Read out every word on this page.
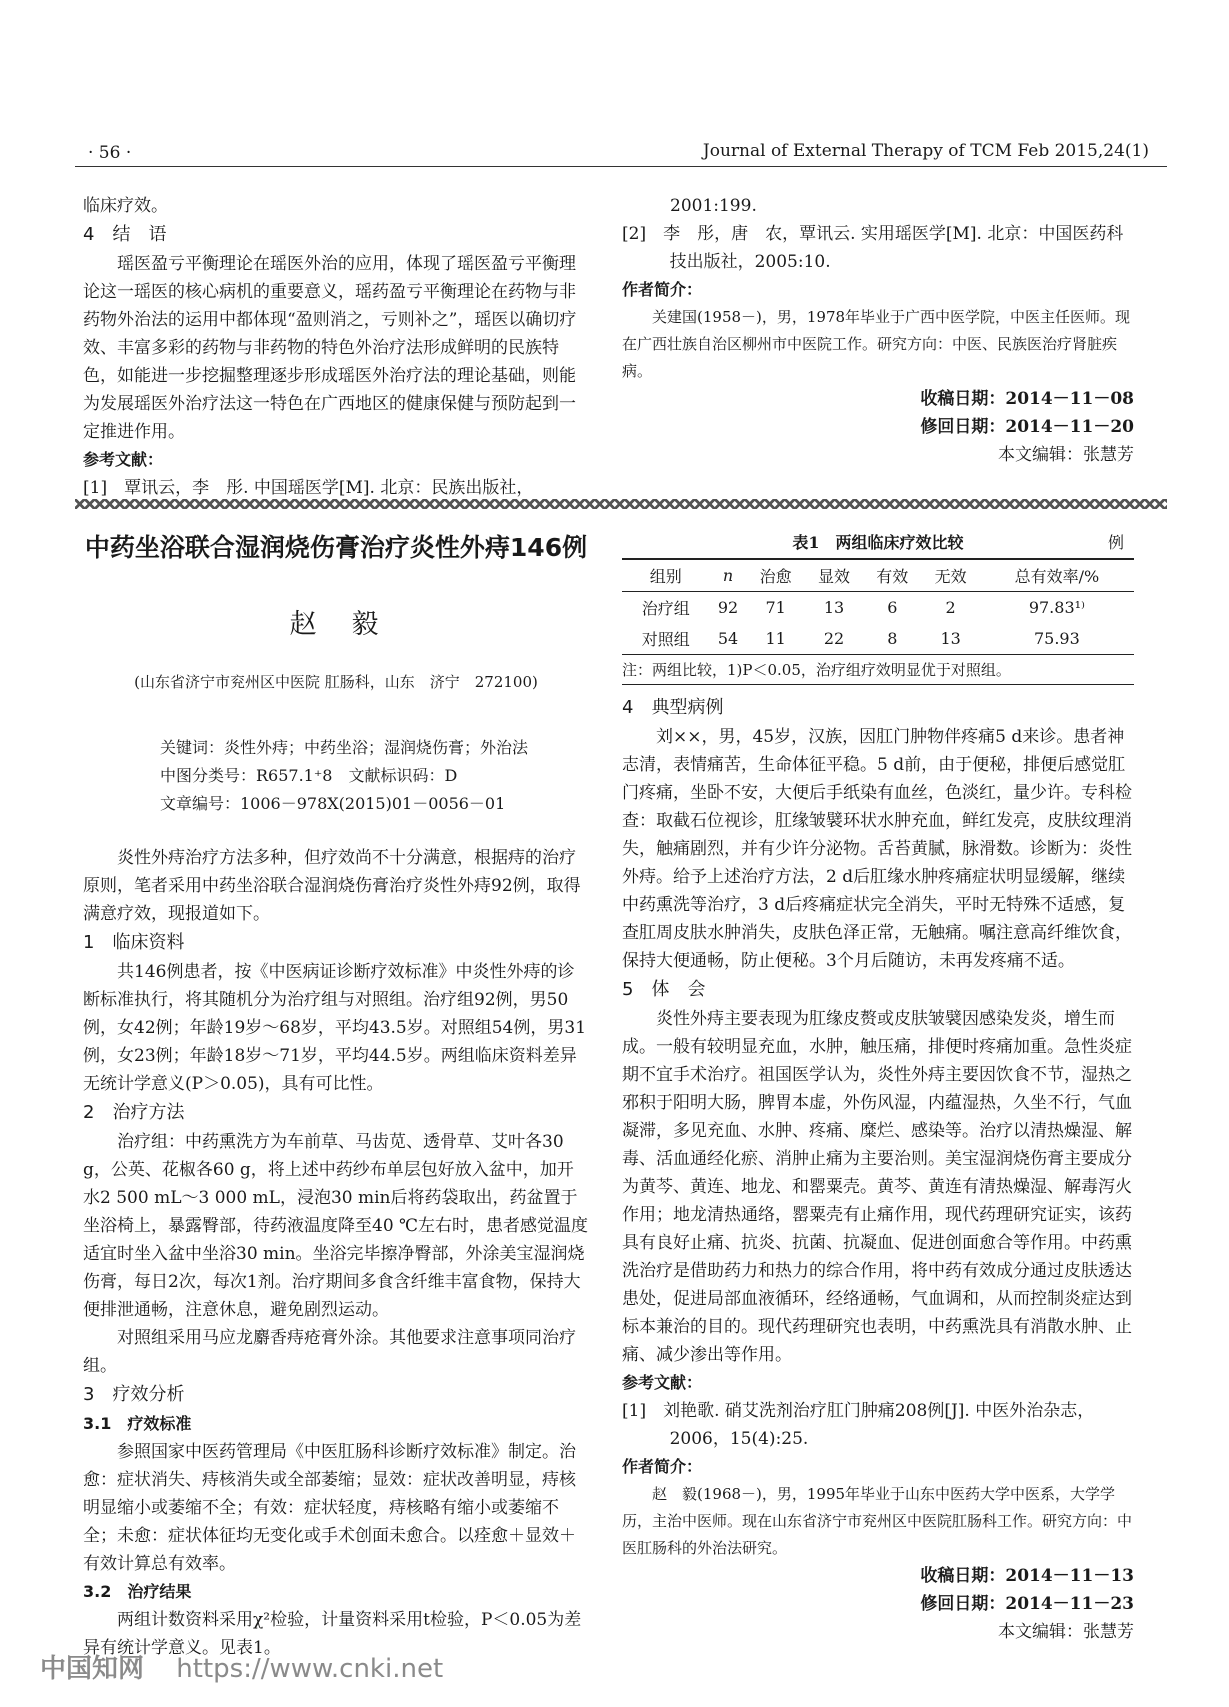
· 56 ·	Journal of External Therapy of TCM Feb 2015,24(1)
临床疗效。
4　结　语

瑶医盈亏平衡理论在瑶医外治的应用，体现了瑶医盈亏平衡理论这一瑶医的核心病机的重要意义，瑶药盈亏平衡理论在药物与非药物外治法的运用中都体现“盈则消之，亏则补之”，瑶医以确切疗效、丰富多彩的药物与非药物的特色外治疗法形成鲜明的民族特色，如能进一步挖掘整理逐步形成瑶医外治疗法的理论基础，则能为发展瑶医外治疗法这一特色在广西地区的健康保健与预防起到一定推进作用。

参考文献：

[1]　覃讯云，李　彤. 中国瑶医学[M]. 北京：民族出版社，

2001:199.

[2]　李　彤，唐　农，覃讯云. 实用瑶医学[M]. 北京：中国医药科技出版社，2005:10.

作者简介：

关建国(1958－)，男，1978年毕业于广西中医学院，中医主任医师。现在广西壮族自治区柳州市中医院工作。研究方向：中医、民族医治疗肾脏疾病。

收稿日期：2014－11－08
修回日期：2014－11－20
本文编辑：张慧芳
中药坐浴联合湿润烧伤膏治疗炎性外痔146例
赵　毅
(山东省济宁市兖州区中医院 肛肠科，山东　济宁　272100)
关键词：炎性外痔；中药坐浴；湿润烧伤膏；外治法
中图分类号：R657.1⁺8　文献标识码：D
文章编号：1006－978X(2015)01－0056－01

炎性外痔治疗方法多种，但疗效尚不十分满意，根据痔的治疗原则，笔者采用中药坐浴联合湿润烧伤膏治疗炎性外痔92例，取得满意疗效，现报道如下。

1　临床资料

共146例患者，按《中医病证诊断疗效标准》中炎性外痔的诊断标准执行，将其随机分为治疗组与对照组。治疗组92例，男50例，女42例；年龄19岁～68岁，平均43.5岁。对照组54例，男31例，女23例；年龄18岁～71岁，平均44.5岁。两组临床资料差异无统计学意义(P＞0.05)，具有可比性。

2　治疗方法

治疗组：中药熏洗方为车前草、马齿苋、透骨草、艾叶各30 g，公英、花椒各60 g，将上述中药纱布单层包好放入盆中，加开水2 500 mL～3 000 mL，浸泡30 min后将药袋取出，药盆置于坐浴椅上，暴露臀部，待药液温度降至40 ℃左右时，患者感觉温度适宜时坐入盆中坐浴30 min。坐浴完毕擦净臀部，外涂美宝湿润烧伤膏，每日2次，每次1剂。治疗期间多食含纤维丰富食物，保持大便排泄通畅，注意休息，避免剧烈运动。

对照组采用马应龙麝香痔疮膏外涂。其他要求注意事项同治疗组。

3　疗效分析
3.1　疗效标准

参照国家中医药管理局《中医肛肠科诊断疗效标准》制定。治愈：症状消失、痔核消失或全部萎缩；显效：症状改善明显，痔核明显缩小或萎缩不全；有效：症状轻度，痔核略有缩小或萎缩不全；未愈：症状体征均无变化或手术创面未愈合。以痊愈＋显效＋有效计算总有效率。

3.2　治疗结果

两组计数资料采用χ²检验，计量资料采用t检验，P＜0.05为差异有统计学意义。见表1。

表1　两组临床疗效比较	例
组别	n	治愈	显效	有效	无效	总有效率/%
治疗组	92	71	13	6	2	97.83¹⁾
对照组	54	11	22	8	13	75.93
注：两组比较，1)P＜0.05，治疗组疗效明显优于对照组。						
4　典型病例

刘××，男，45岁，汉族，因肛门肿物伴疼痛5 d来诊。患者神志清，表情痛苦，生命体征平稳。5 d前，由于便秘，排便后感觉肛门疼痛，坐卧不安，大便后手纸染有血丝，色淡红，量少许。专科检查：取截石位视诊，肛缘皱襞环状水肿充血，鲜红发亮，皮肤纹理消失，触痛剧烈，并有少许分泌物。舌苔黄腻，脉滑数。诊断为：炎性外痔。给予上述治疗方法，2 d后肛缘水肿疼痛症状明显缓解，继续中药熏洗等治疗，3 d后疼痛症状完全消失，平时无特殊不适感，复查肛周皮肤水肿消失，皮肤色泽正常，无触痛。嘱注意高纤维饮食，保持大便通畅，防止便秘。3个月后随访，未再发疼痛不适。

5　体　会

炎性外痔主要表现为肛缘皮赘或皮肤皱襞因感染发炎，增生而成。一般有较明显充血，水肿，触压痛，排便时疼痛加重。急性炎症期不宜手术治疗。祖国医学认为，炎性外痔主要因饮食不节，湿热之邪积于阳明大肠，脾胃本虚，外伤风湿，内蕴湿热，久坐不行，气血凝滞，多见充血、水肿、疼痛、糜烂、感染等。治疗以清热燥湿、解毒、活血通经化瘀、消肿止痛为主要治则。美宝湿润烧伤膏主要成分为黄芩、黄连、地龙、和罂粟壳。黄芩、黄连有清热燥湿、解毒泻火作用；地龙清热通络，罂粟壳有止痛作用，现代药理研究证实，该药具有良好止痛、抗炎、抗菌、抗凝血、促进创面愈合等作用。中药熏洗治疗是借助药力和热力的综合作用，将中药有效成分通过皮肤透达患处，促进局部血液循环，经络通畅，气血调和，从而控制炎症达到标本兼治的目的。现代药理研究也表明，中药熏洗具有消散水肿、止痛、减少渗出等作用。

参考文献：

[1]　刘艳歌. 硝艾洗剂治疗肛门肿痛208例[J]. 中医外治杂志，2006，15(4):25.

作者简介：

赵　毅(1968－)，男，1995年毕业于山东中医药大学中医系，大学学历，主治中医师。现在山东省济宁市兖州区中医院肛肠科工作。研究方向：中医肛肠科的外治法研究。

收稿日期：2014－11－13
修回日期：2014－11－23
本文编辑：张慧芳
中国知网 https://www.cnki.net
